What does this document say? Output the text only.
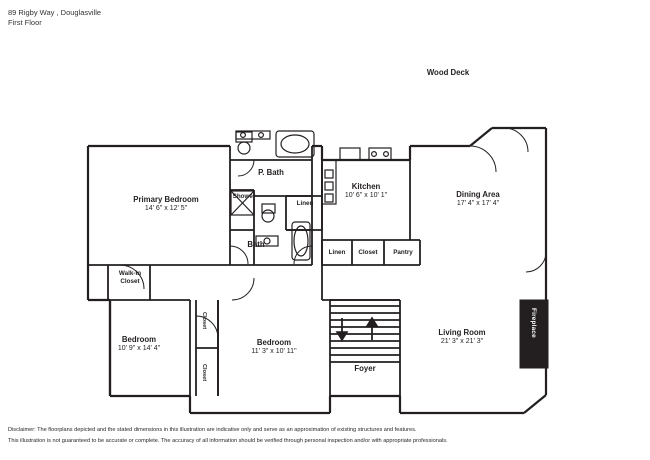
89 Rigby Way , Douglasville
First Floor
Primary Bedroom
14' 6" x 12' 5"
P. Bath
Kitchen
10' 6" x 10' 1"	Dining Area
17' 4" x 17' 4"
Bath
Shower
Linen
Linen	Closet	Pantry
Walk-In
Closet
Bedroom
10' 9" x 14' 4"
Closet
Closet
Bedroom
11' 3" x 10' 11"
Foyer
Living Room
21' 3" x 21' 3"
Fireplace
Wood Deck
Disclaimer: The floorplans depicted and the stated dimensions in this illustration are indicative only and serve as an approximation of existing structures and features.
This illustration is not guaranteed to be accurate or complete. The accuracy of all information should be verified through personal inspection and/or with appropriate professionals.
